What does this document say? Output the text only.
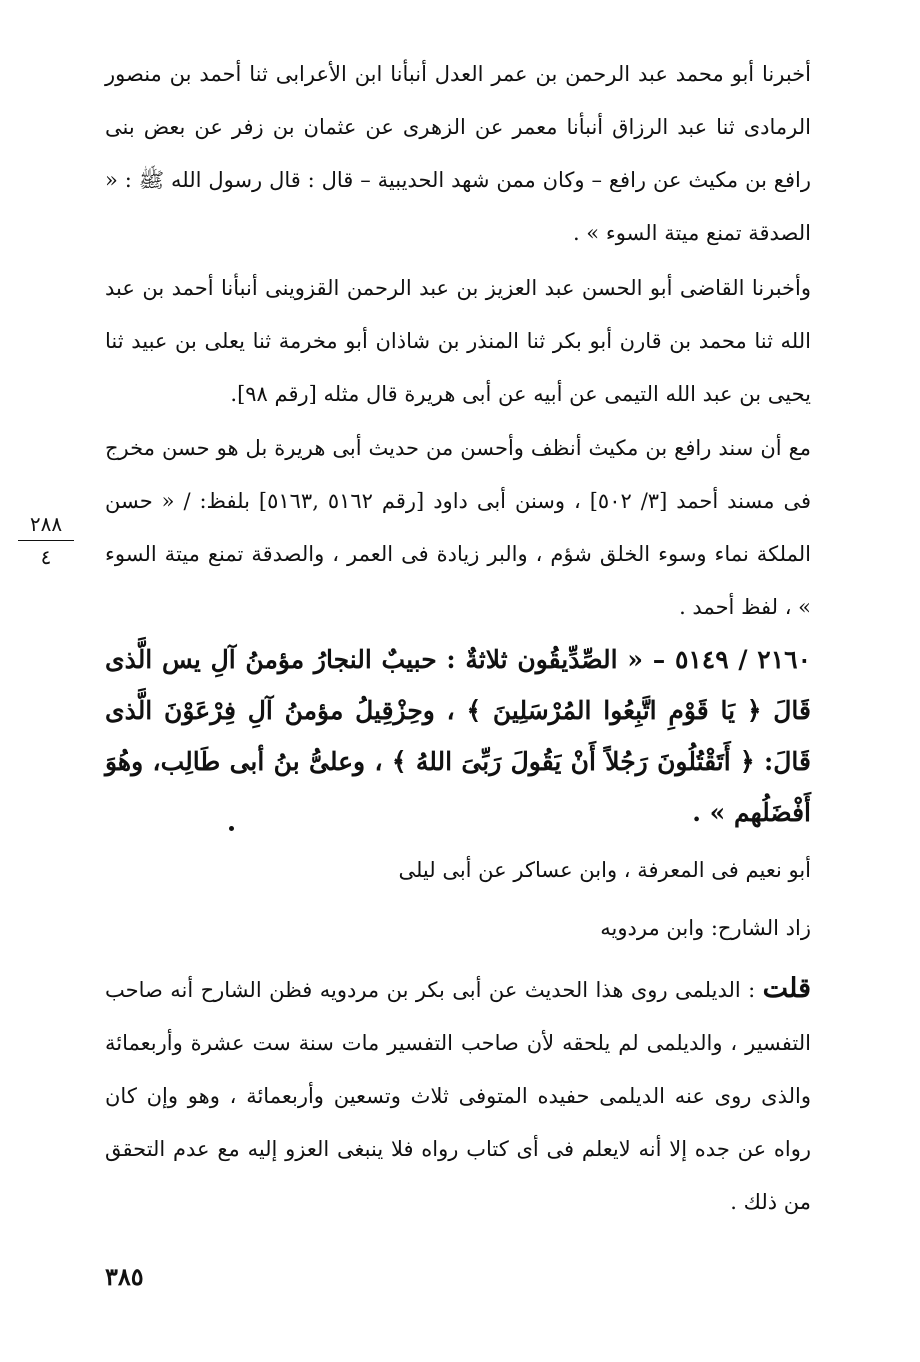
أخبرنا أبو محمد عبد الرحمن بن عمر العدل أنبأنا ابن الأعرابى ثنا أحمد بن منصور الرمادى ثنا عبد الرزاق أنبأنا معمر عن الزهرى عن عثمان بن زفر عن بعض بنى رافع بن مكيث عن رافع – وكان ممن شهد الحديبية – قال : قال رسول الله ﷺ : « الصدقة تمنع ميتة السوء » .

وأخبرنا القاضى أبو الحسن عبد العزيز بن عبد الرحمن القزوينى أنبأنا أحمد بن عبد الله ثنا محمد بن قارن أبو بكر ثنا المنذر بن شاذان أبو مخرمة ثنا يعلى بن عبيد ثنا يحيى بن عبد الله التيمى عن أبيه عن أبى هريرة قال مثله [رقم ٩٨].

مع أن سند رافع بن مكيث أنظف وأحسن من حديث أبى هريرة بل هو حسن مخرج فى مسند أحمد [٣/ ٥٠٢] ، وسنن أبى داود [رقم ٥١٦٢ ,٥١٦٣] بلفظ: / « حسن الملكة نماء وسوء الخلق شؤم ، والبر زيادة فى العمر ، والصدقة تمنع ميتة السوء » ، لفظ أحمد .

٢١٦٠ / ٥١٤٩ – « الصِّدِّيقُون ثلاثةٌ : حبيبٌ النجارُ مؤمنُ آلِ يس الَّذى قَالَ ﴿ يَا قَوْمِ اتَّبِعُوا المُرْسَلِينَ ﴾ ، وحِزْقِيلُ مؤمنُ آلِ فِرْعَوْنَ الَّذى قَالَ: ﴿ أَتَقْتُلُونَ رَجُلاً أَنْ يَقُولَ رَبِّىَ اللهُ ﴾ ، وعلىُّ بنُ أبى طَالِب، وهُوَ أَفْضَلُهم » .

أبو نعيم فى المعرفة ، وابن عساكر عن أبى ليلى

زاد الشارح: وابن مردويه

قلت : الديلمى روى هذا الحديث عن أبى بكر بن مردويه فظن الشارح أنه صاحب التفسير ، والديلمى لم يلحقه لأن صاحب التفسير مات سنة ست عشرة وأربعمائة والذى روى عنه الديلمى حفيده المتوفى ثلاث وتسعين وأربعمائة ، وهو وإن كان رواه عن جده إلا أنه لايعلم فى أى كتاب رواه فلا ينبغى العزو إليه مع عدم التحقق من ذلك .

٢٨٨
٤
٣٨٥
